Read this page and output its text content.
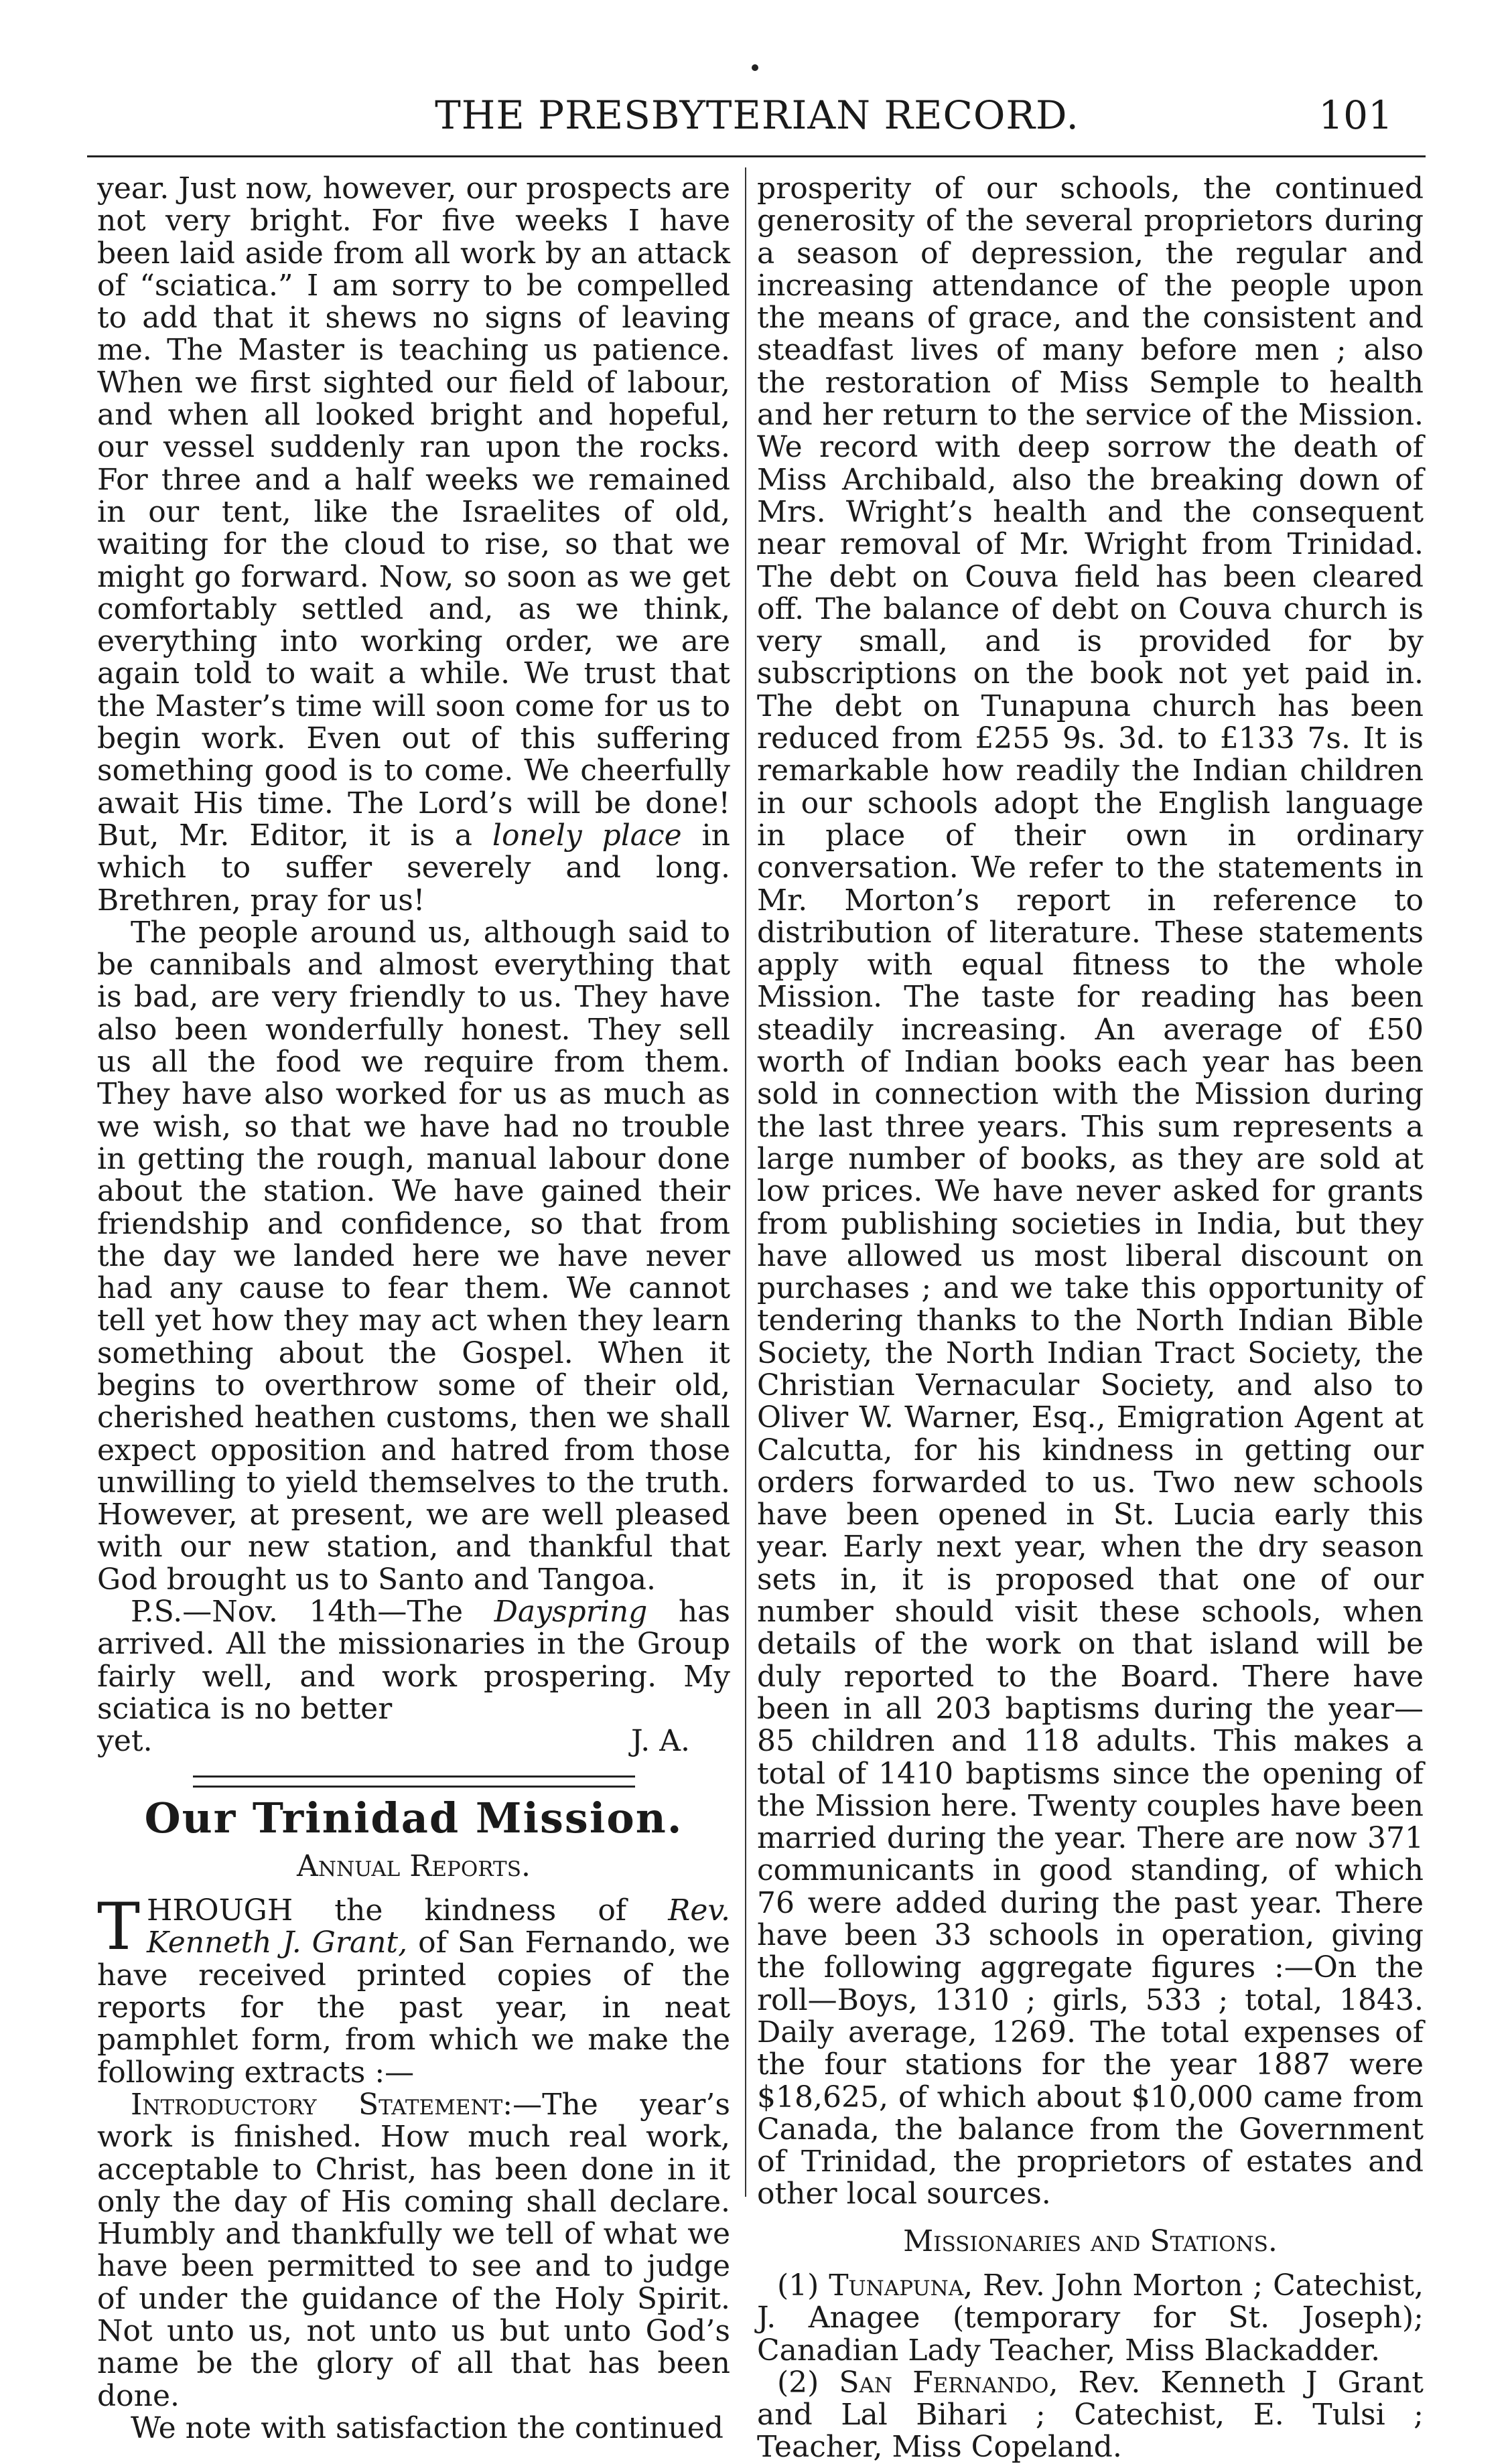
THE PRESBYTERIAN RECORD.	101

year. Just now, however, our prospects are not very bright. For five weeks I have been laid aside from all work by an attack of “sciatica.” I am sorry to be compelled to add that it shews no signs of leaving me. The Master is teaching us patience. When we first sighted our field of labour, and when all looked bright and hopeful, our vessel suddenly ran upon the rocks. For three and a half weeks we remained in our tent, like the Israelites of old, waiting for the cloud to rise, so that we might go forward. Now, so soon as we get comfortably settled and, as we think, everything into working order, we are again told to wait a while. We trust that the Master’s time will soon come for us to begin work. Even out of this suffering something good is to come. We cheerfully await His time. The Lord’s will be done! But, Mr. Editor, it is a lonely place in which to suffer severely and long. Brethren, pray for us!

The people around us, although said to be cannibals and almost everything that is bad, are very friendly to us. They have also been wonderfully honest. They sell us all the food we require from them. They have also worked for us as much as we wish, so that we have had no trouble in getting the rough, manual labour done about the station. We have gained their friendship and confidence, so that from the day we landed here we have never had any cause to fear them. We cannot tell yet how they may act when they learn something about the Gospel. When it begins to overthrow some of their old, cherished heathen customs, then we shall expect opposition and hatred from those unwilling to yield themselves to the truth. However, at present, we are well pleased with our new station, and thankful that God brought us to Santo and Tangoa.

P.S.—Nov. 14th—The Dayspring has arrived. All the missionaries in the Group fairly well, and work prospering. My sciatica is no better

yet.	J. A.
Our Trinidad Mission.
Annual Reports.

THROUGH the kindness of Rev. Kenneth J. Grant, of San Fernando, we have received printed copies of the reports for the past year, in neat pamphlet form, from which we make the following extracts :—

Introductory Statement:—The year’s work is finished. How much real work, acceptable to Christ, has been done in it only the day of His coming shall declare. Humbly and thankfully we tell of what we have been permitted to see and to judge of under the guidance of the Holy Spirit. Not unto us, not unto us but unto God’s name be the glory of all that has been done.

We note with satisfaction the continued

prosperity of our schools, the continued generosity of the several proprietors during a season of depression, the regular and increasing attendance of the people upon the means of grace, and the consistent and steadfast lives of many before men ; also the restoration of Miss Semple to health and her return to the service of the Mission. We record with deep sorrow the death of Miss Archibald, also the breaking down of Mrs. Wright’s health and the consequent near removal of Mr. Wright from Trinidad. The debt on Couva field has been cleared off. The balance of debt on Couva church is very small, and is provided for by subscriptions on the book not yet paid in. The debt on Tunapuna church has been reduced from £255 9s. 3d. to £133 7s. It is remarkable how readily the Indian children in our schools adopt the English language in place of their own in ordinary conversation. We refer to the statements in Mr. Morton’s report in reference to distribution of literature. These statements apply with equal fitness to the whole Mission. The taste for reading has been steadily increasing. An average of £50 worth of Indian books each year has been sold in connection with the Mission during the last three years. This sum represents a large number of books, as they are sold at low prices. We have never asked for grants from publishing societies in India, but they have allowed us most liberal discount on purchases ; and we take this opportunity of tendering thanks to the North Indian Bible Society, the North Indian Tract Society, the Christian Vernacular Society, and also to Oliver W. Warner, Esq., Emigration Agent at Calcutta, for his kindness in getting our orders forwarded to us. Two new schools have been opened in St. Lucia early this year. Early next year, when the dry season sets in, it is proposed that one of our number should visit these schools, when details of the work on that island will be duly reported to the Board. There have been in all 203 baptisms during the year—85 children and 118 adults. This makes a total of 1410 baptisms since the opening of the Mission here. Twenty couples have been married during the year. There are now 371 communicants in good standing, of which 76 were added during the past year. There have been 33 schools in operation, giving the following aggregate figures :—On the roll—Boys, 1310 ; girls, 533 ; total, 1843. Daily average, 1269. The total expenses of the four stations for the year 1887 were $18,625, of which about $10,000 came from Canada, the balance from the Government of Trinidad, the proprietors of estates and other local sources.

Missionaries and Stations.

(1) Tunapuna, Rev. John Morton ; Catechist, J. Anagee (temporary for St. Joseph); Canadian Lady Teacher, Miss Blackadder.

(2) San Fernando, Rev. Kenneth J Grant and Lal Bihari ; Catechist, E. Tulsi ; Teacher, Miss Copeland.
